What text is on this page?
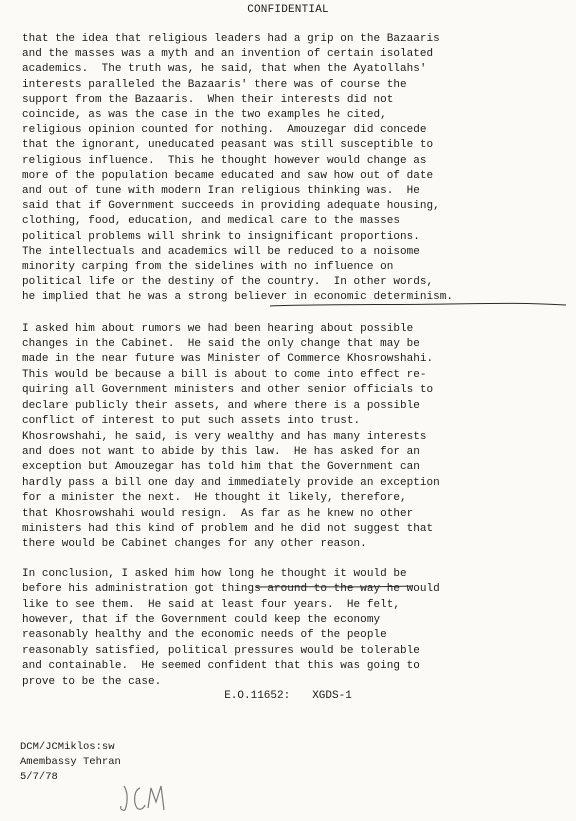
CONFIDENTIAL
that the idea that religious leaders had a grip on the Bazaaris
and the masses was a myth and an invention of certain isolated
academics.  The truth was, he said, that when the Ayatollahs'
interests paralleled the Bazaaris' there was of course the
support from the Bazaaris.  When their interests did not
coincide, as was the case in the two examples he cited,
religious opinion counted for nothing.  Amouzegar did concede
that the ignorant, uneducated peasant was still susceptible to
religious influence.  This he thought however would change as
more of the population became educated and saw how out of date
and out of tune with modern Iran religious thinking was.  He
said that if Government succeeds in providing adequate housing,
clothing, food, education, and medical care to the masses
political problems will shrink to insignificant proportions.
The intellectuals and academics will be reduced to a noisome
minority carping from the sidelines with no influence on
political life or the destiny of the country.  In other words,
he implied that he was a strong believer in economic determinism.
I asked him about rumors we had been hearing about possible
changes in the Cabinet.  He said the only change that may be
made in the near future was Minister of Commerce Khosrowshahi.
This would be because a bill is about to come into effect re-
quiring all Government ministers and other senior officials to
declare publicly their assets, and where there is a possible
conflict of interest to put such assets into trust.
Khosrowshahi, he said, is very wealthy and has many interests
and does not want to abide by this law.  He has asked for an
exception but Amouzegar has told him that the Government can
hardly pass a bill one day and immediately provide an exception
for a minister the next.  He thought it likely, therefore,
that Khosrowshahi would resign.  As far as he knew no other
ministers had this kind of problem and he did not suggest that
there would be Cabinet changes for any other reason.
In conclusion, I asked him how long he thought it would be
before his administration got things around to the way he would
like to see them.  He said at least four years.  He felt,
however, that if the Government could keep the economy
reasonably healthy and the economic needs of the people
reasonably satisfied, political pressures would be tolerable
and containable.  He seemed confident that this was going to
prove to be the case.
E.O.11652: XGDS-1
DCM/JCMiklos:sw
Amembassy Tehran
5/7/78
